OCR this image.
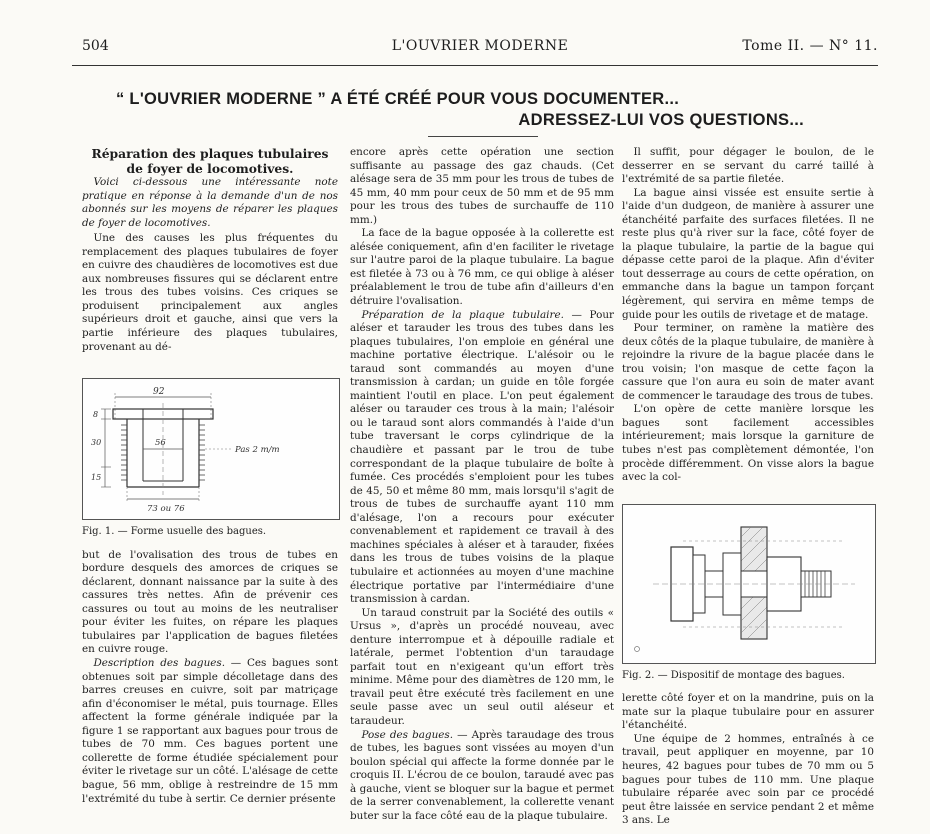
504	L'OUVRIER MODERNE	Tome II. — N° 11.
“ L'OUVRIER MODERNE ” A ÉTÉ CRÉÉ POUR VOUS DOCUMENTER...
ADRESSEZ-LUI VOS QUESTIONS...

Réparation des plaques tubulaires de foyer de locomotives.

Voici ci-dessous une intéressante note pratique en réponse à la demande d'un de nos abonnés sur les moyens de réparer les plaques de foyer de locomotives.

Une des causes les plus fréquentes du remplacement des plaques tubulaires de foyer en cuivre des chaudières de locomotives est due aux nombreuses fissures qui se déclarent entre les trous des tubes voisins. Ces criques se produisent principalement aux angles supérieurs droit et gauche, ainsi que vers la partie inférieure des plaques tubulaires, provenant au dé-

92
56
Pas 2 m/m
8
30
15
73 ou 76

Fig. 1. — Forme usuelle des bagues.

but de l'ovalisation des trous de tubes en bordure desquels des amorces de criques se déclarent, donnant naissance par la suite à des cassures très nettes. Afin de prévenir ces cassures ou tout au moins de les neutraliser pour éviter les fuites, on répare les plaques tubulaires par l'application de bagues filetées en cuivre rouge.

Description des bagues. — Ces bagues sont obtenues soit par simple décolletage dans des barres creuses en cuivre, soit par matriçage afin d'économiser le métal, puis tournage. Elles affectent la forme générale indiquée par la figure 1 se rapportant aux bagues pour trous de tubes de 70 mm. Ces bagues portent une collerette de forme étudiée spécialement pour éviter le rivetage sur un côté. L'alésage de cette bague, 56 mm, oblige à restreindre de 15 mm l'extrémité du tube à sertir. Ce dernier présente

encore après cette opération une section suffisante au passage des gaz chauds. (Cet alésage sera de 35 mm pour les trous de tubes de 45 mm, 40 mm pour ceux de 50 mm et de 95 mm pour les trous des tubes de surchauffe de 110 mm.)

La face de la bague opposée à la collerette est alésée coniquement, afin d'en faciliter le rivetage sur l'autre paroi de la plaque tubulaire. La bague est filetée à 73 ou à 76 mm, ce qui oblige à aléser préalablement le trou de tube afin d'ailleurs d'en détruire l'ovalisation.

Préparation de la plaque tubulaire. — Pour aléser et tarauder les trous des tubes dans les plaques tubulaires, l'on emploie en général une machine portative électrique. L'alésoir ou le taraud sont commandés au moyen d'une transmission à cardan; un guide en tôle forgée maintient l'outil en place. L'on peut également aléser ou tarauder ces trous à la main; l'alésoir ou le taraud sont alors commandés à l'aide d'un tube traversant le corps cylindrique de la chaudière et passant par le trou de tube correspondant de la plaque tubulaire de boîte à fumée. Ces procédés s'emploient pour les tubes de 45, 50 et même 80 mm, mais lorsqu'il s'agit de trous de tubes de surchauffe ayant 110 mm d'alésage, l'on a recours pour exécuter convenablement et rapidement ce travail à des machines spéciales à aléser et à tarauder, fixées dans les trous de tubes voisins de la plaque tubulaire et actionnées au moyen d'une machine électrique portative par l'intermédiaire d'une transmission à cardan.

Un taraud construit par la Société des outils « Ursus », d'après un procédé nouveau, avec denture interrompue et à dépouille radiale et latérale, permet l'obtention d'un taraudage parfait tout en n'exigeant qu'un effort très minime. Même pour des diamètres de 120 mm, le travail peut être exécuté très facilement en une seule passe avec un seul outil aléseur et taraudeur.

Pose des bagues. — Après taraudage des trous de tubes, les bagues sont vissées au moyen d'un boulon spécial qui affecte la forme donnée par le croquis II. L'écrou de ce boulon, taraudé avec pas à gauche, vient se bloquer sur la bague et permet de la serrer convenablement, la collerette venant buter sur la face côté eau de la plaque tubulaire.

Il suffit, pour dégager le boulon, de le desserrer en se servant du carré taillé à l'extrémité de sa partie filetée.

La bague ainsi vissée est ensuite sertie à l'aide d'un dudgeon, de manière à assurer une étanchéité parfaite des surfaces filetées. Il ne reste plus qu'à river sur la face, côté foyer de la plaque tubulaire, la partie de la bague qui dépasse cette paroi de la plaque. Afin d'éviter tout desserrage au cours de cette opération, on emmanche dans la bague un tampon forçant légèrement, qui servira en même temps de guide pour les outils de rivetage et de matage.

Pour terminer, on ramène la matière des deux côtés de la plaque tubulaire, de manière à rejoindre la rivure de la bague placée dans le trou voisin; l'on masque de cette façon la cassure que l'on aura eu soin de mater avant de commencer le taraudage des trous de tubes.

L'on opère de cette manière lorsque les bagues sont facilement accessibles intérieurement; mais lorsque la garniture de tubes n'est pas complètement démontée, l'on procède différemment. On visse alors la bague avec la col-

Fig. 2. — Dispositif de montage des bagues.

lerette côté foyer et on la mandrine, puis on la mate sur la plaque tubulaire pour en assurer l'étanchéité.

Une équipe de 2 hommes, entraînés à ce travail, peut appliquer en moyenne, par 10 heures, 42 bagues pour tubes de 70 mm ou 5 bagues pour tubes de 110 mm. Une plaque tubulaire réparée avec soin par ce procédé peut être laissée en service pendant 2 et même 3 ans. Le
